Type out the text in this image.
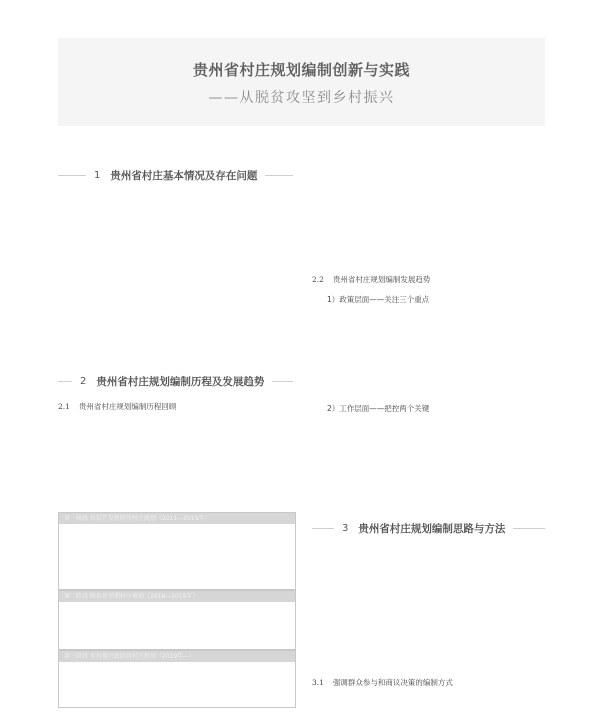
贵州省村庄规划编制创新与实践
——从脱贫攻坚到乡村振兴
1 贵州省村庄基本情况及存在问题
2.2 贵州省村庄规划编制发展趋势
1）政策层面——关注三个重点
2 贵州省村庄规划编制历程及发展趋势
2.1 贵州省村庄规划编制历程回顾	2）工作层面——把控两个关键
第一阶段 扶贫开发新阶段村庄规划（2011—2015年）
第二阶段 脱贫攻坚期村庄规划（2016—2019年）
第三阶段 乡村振兴新阶段村庄规划（2019年—）
3 贵州省村庄规划编制思路与方法
3.1 强调群众参与和商议决策的编制方式
